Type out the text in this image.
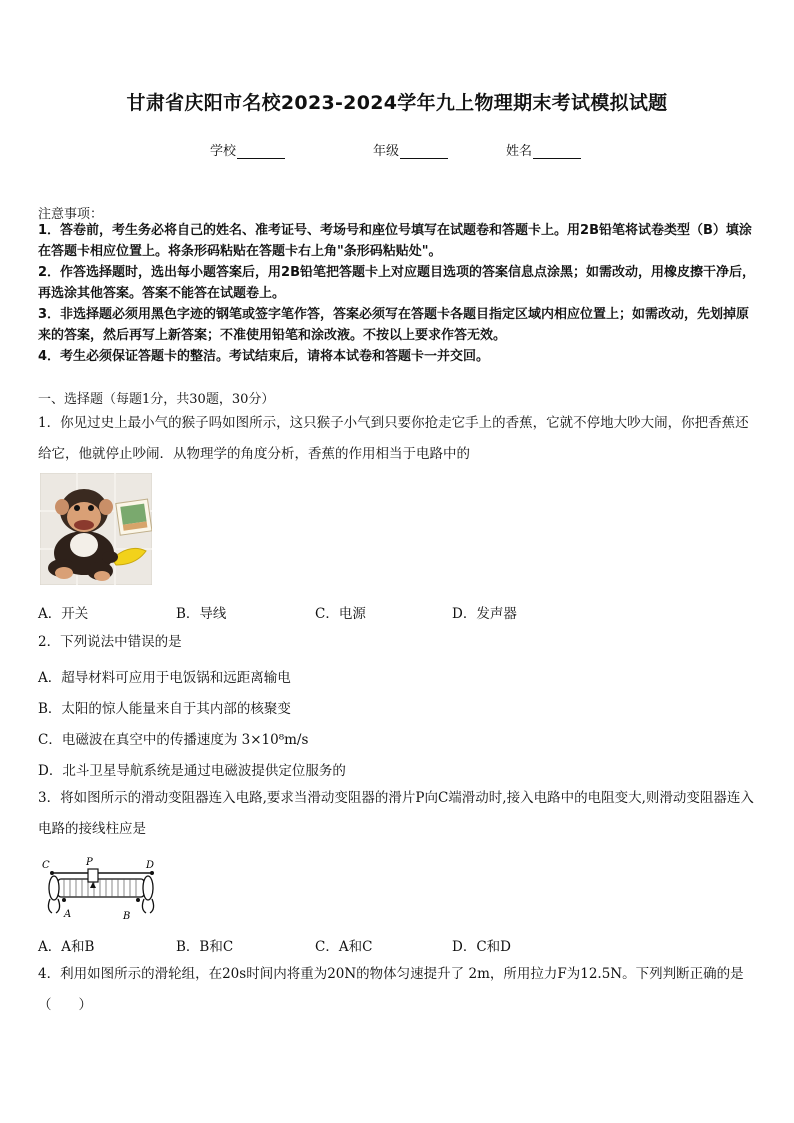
甘肃省庆阳市名校2023-2024学年九上物理期末考试模拟试题
学校	年级	姓名
注意事项：
1．答卷前，考生务必将自己的姓名、准考证号、考场号和座位号填写在试题卷和答题卡上。用2B铅笔将试卷类型（B）填涂在答题卡相应位置上。将条形码粘贴在答题卡右上角"条形码粘贴处"。
2．作答选择题时，选出每小题答案后，用2B铅笔把答题卡上对应题目选项的答案信息点涂黑；如需改动，用橡皮擦干净后，再选涂其他答案。答案不能答在试题卷上。
3．非选择题必须用黑色字迹的钢笔或签字笔作答，答案必须写在答题卡各题目指定区域内相应位置上；如需改动，先划掉原来的答案，然后再写上新答案；不准使用铅笔和涂改液。不按以上要求作答无效。
4．考生必须保证答题卡的整洁。考试结束后，请将本试卷和答题卡一并交回。
一、选择题（每题1分，共30题，30分）
1．你见过史上最小气的猴子吗如图所示，这只猴子小气到只要你抢走它手上的香蕉，它就不停地大吵大闹，你把香蕉还给它，他就停止吵闹．从物理学的角度分析，香蕉的作用相当于电路中的
A．开关	B．导线	C．电源	D．发声器
2．下列说法中错误的是
A．超导材料可应用于电饭锅和远距离输电
B．太阳的惊人能量来自于其内部的核聚变
C．电磁波在真空中的传播速度为 3×10⁸m/s
D．北斗卫星导航系统是通过电磁波提供定位服务的
3．将如图所示的滑动变阻器连入电路,要求当滑动变阻器的滑片P向C端滑动时,接入电路中的电阻变大,则滑动变阻器连入电路的接线柱应是
C	P	D
A	B
A．A和B	B．B和C	C．A和C	D．C和D
4．利用如图所示的滑轮组，在20s时间内将重为20N的物体匀速提升了 2m，所用拉力F为12.5N。下列判断正确的是（　　）
